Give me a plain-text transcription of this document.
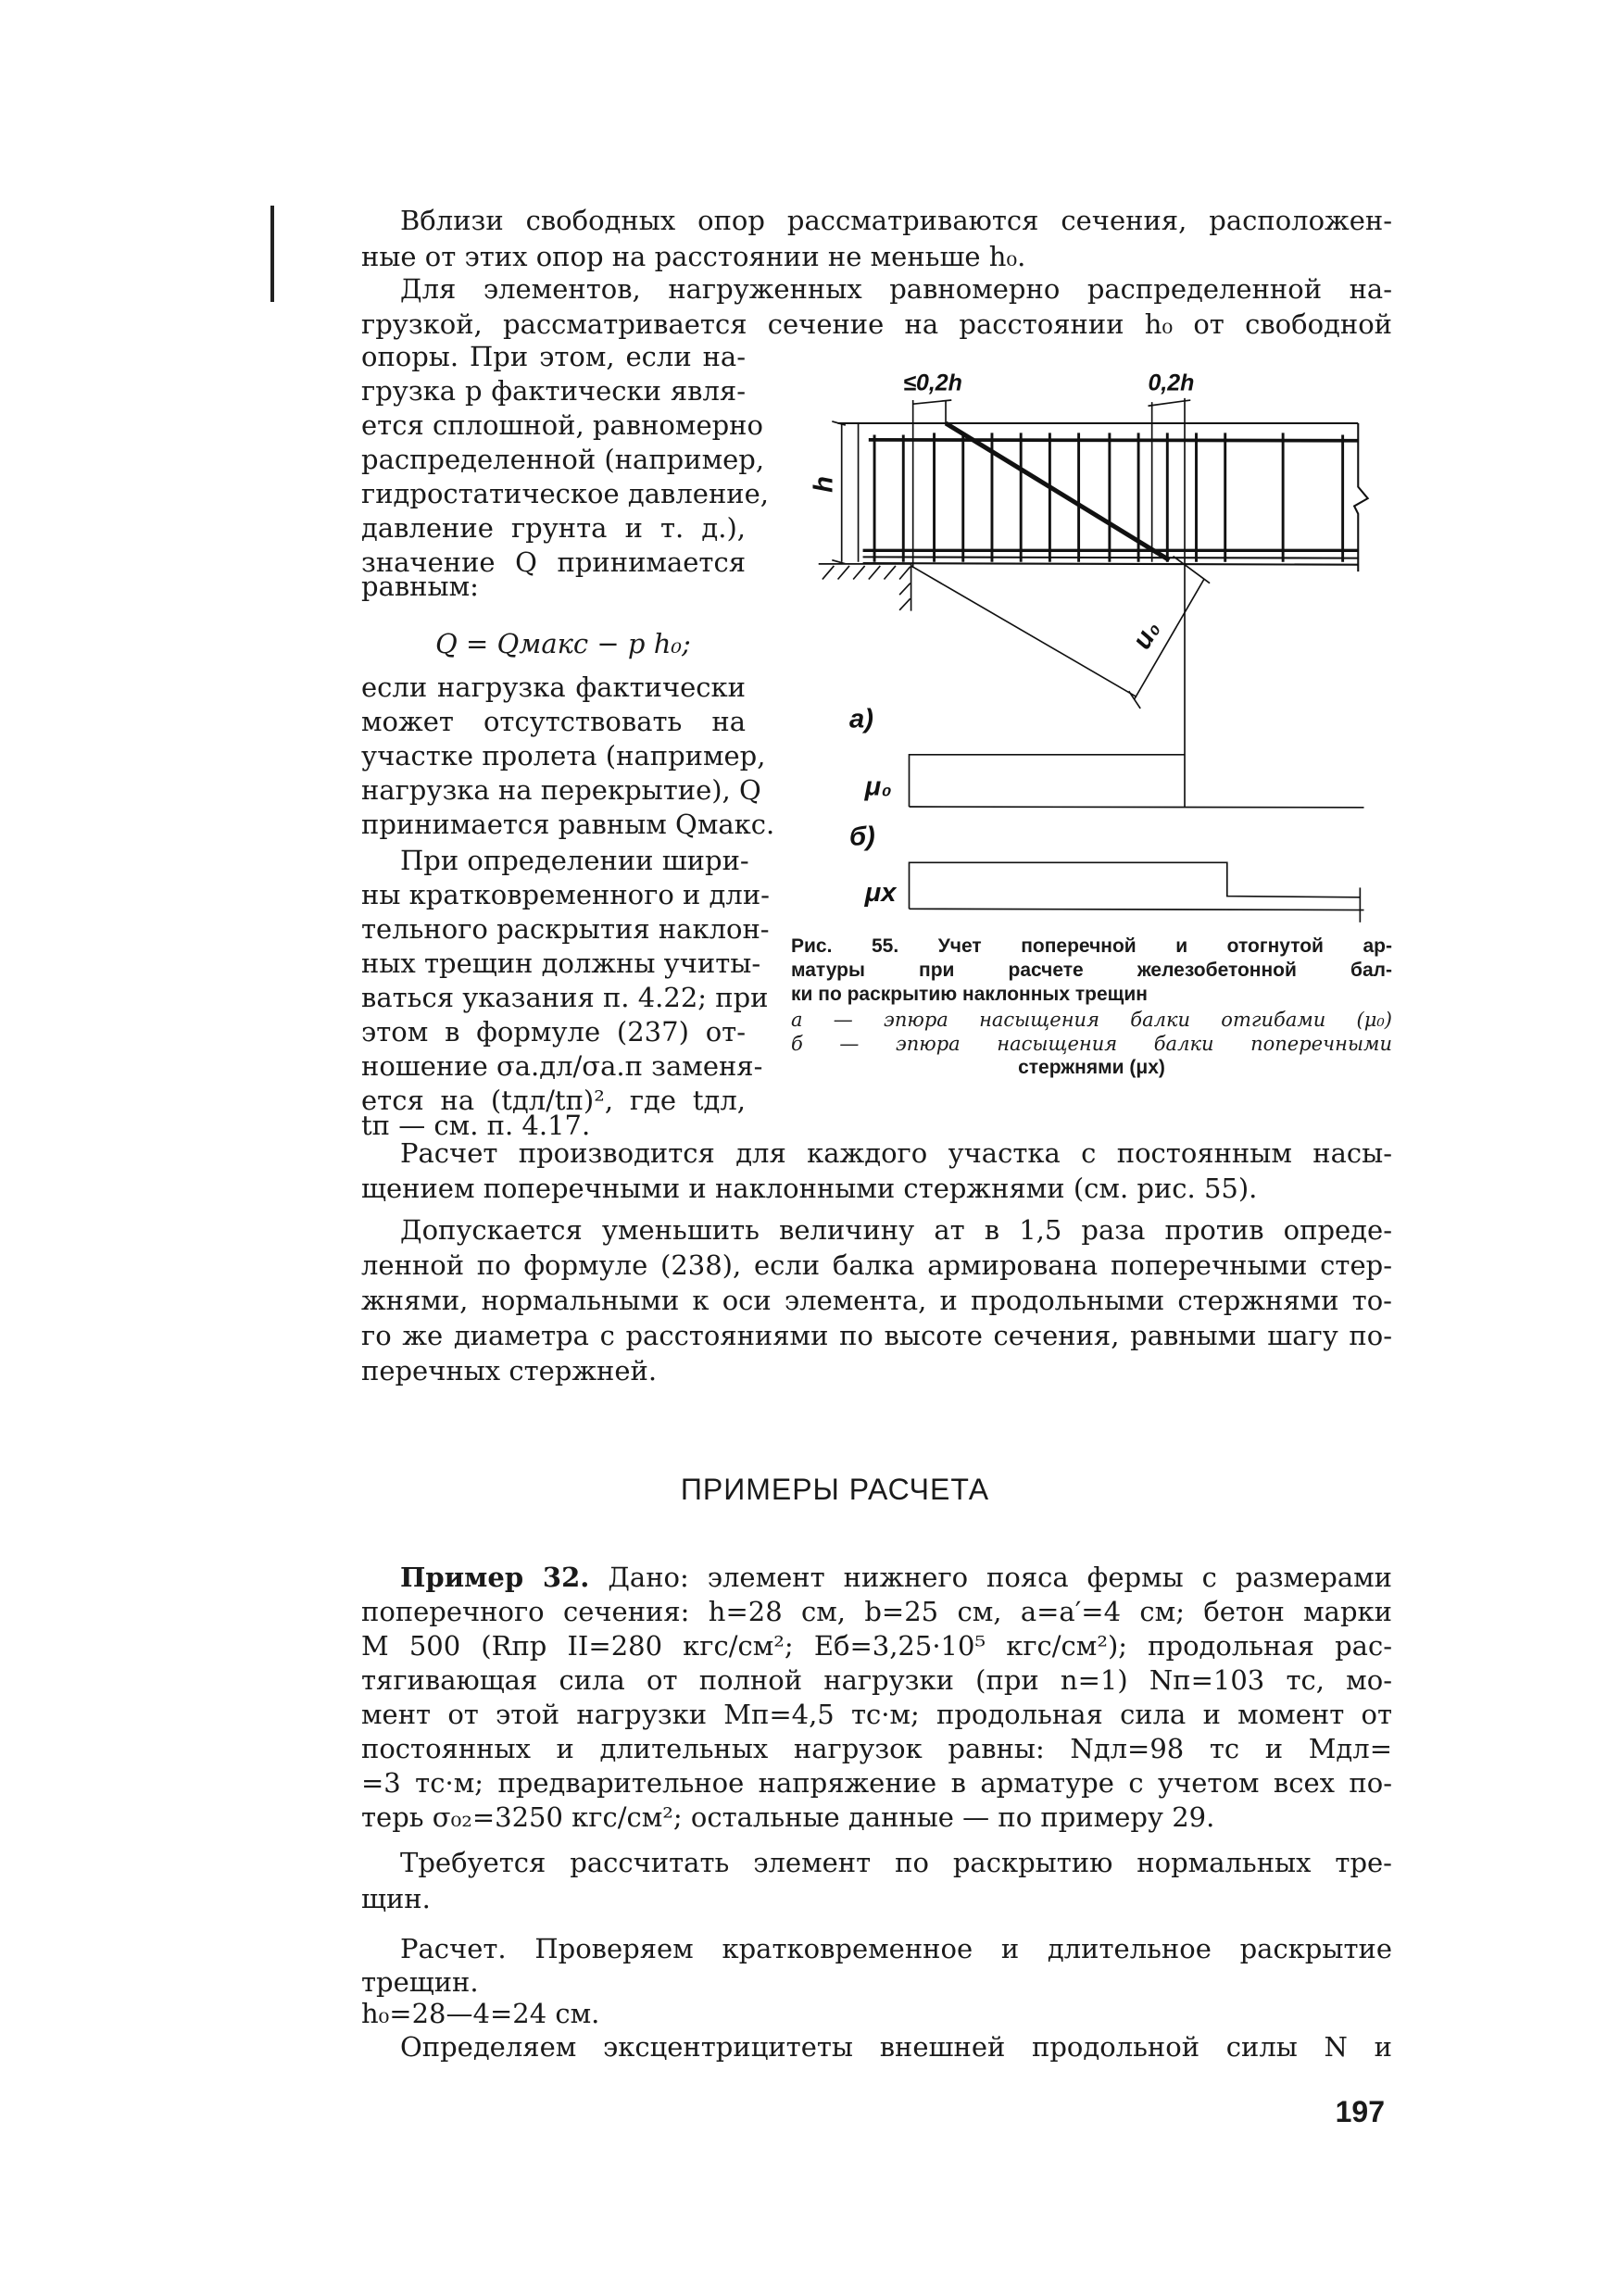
Вблизи свободных опор рассматриваются сечения, расположен-
ные от этих опор на расстоянии не меньше h₀.
Для элементов, нагруженных равномерно распределенной на-
грузкой, рассматривается сечение на расстоянии h₀ от свободной
опоры. При этом, если на-
грузка p фактически явля-
ется сплошной, равномерно
распределенной (например,
гидростатическое давление,
давление грунта и т. д.),
значение Q принимается
равным:
Q = Qмакс − p h₀;
если нагрузка фактически
может отсутствовать на
участке пролета (например,
нагрузка на перекрытие), Q
принимается равным Qмакс.
При определении шири-
ны кратковременного и дли-
тельного раскрытия наклон-
ных трещин должны учиты-
ваться указания п. 4.22; при
этом в формуле (237) от-
ношение σа.дл/σа.п заменя-
ется на (tдл/tп)², где tдл,
tп — см. п. 4.17.
≤0,2h	0,2h
h
u₀
а)
б)
μ₀
μx
Рис. 55. Учет поперечной и отогнутой ар-
матуры при расчете железобетонной бал-
ки по раскрытию наклонных трещин
а — эпюра насыщения балки отгибами (μ₀)
б — эпюра насыщения балки поперечными
стержнями (μx)
Расчет производится для каждого участка с постоянным насы-
щением поперечными и наклонными стержнями (см. рис. 55).
Допускается уменьшить величину aт в 1,5 раза против опреде-
ленной по формуле (238), если балка армирована поперечными стер-
жнями, нормальными к оси элемента, и продольными стержнями то-
го же диаметра с расстояниями по высоте сечения, равными шагу по-
перечных стержней.
ПРИМЕРЫ РАСЧЕТА
Пример 32. Дано: элемент нижнего пояса фермы с размерами
поперечного сечения: h=28 см, b=25 см, a=a′=4 см; бетон марки
М 500 (Rпр II=280 кгс/см²; Eб=3,25·10⁵ кгс/см²); продольная рас-
тягивающая сила от полной нагрузки (при n=1) Nп=103 тс, мо-
мент от этой нагрузки Mп=4,5 тс·м; продольная сила и момент от
постоянных и длительных нагрузок равны: Nдл=98 тс и Mдл=
=3 тс·м; предварительное напряжение в арматуре с учетом всех по-
терь σ₀₂=3250 кгс/см²; остальные данные — по примеру 29.
Требуется рассчитать элемент по раскрытию нормальных тре-
щин.
Расчет. Проверяем кратковременное и длительное раскрытие
трещин.
h₀=28—4=24 см.
Определяем эксцентрицитеты внешней продольной силы N и
197
